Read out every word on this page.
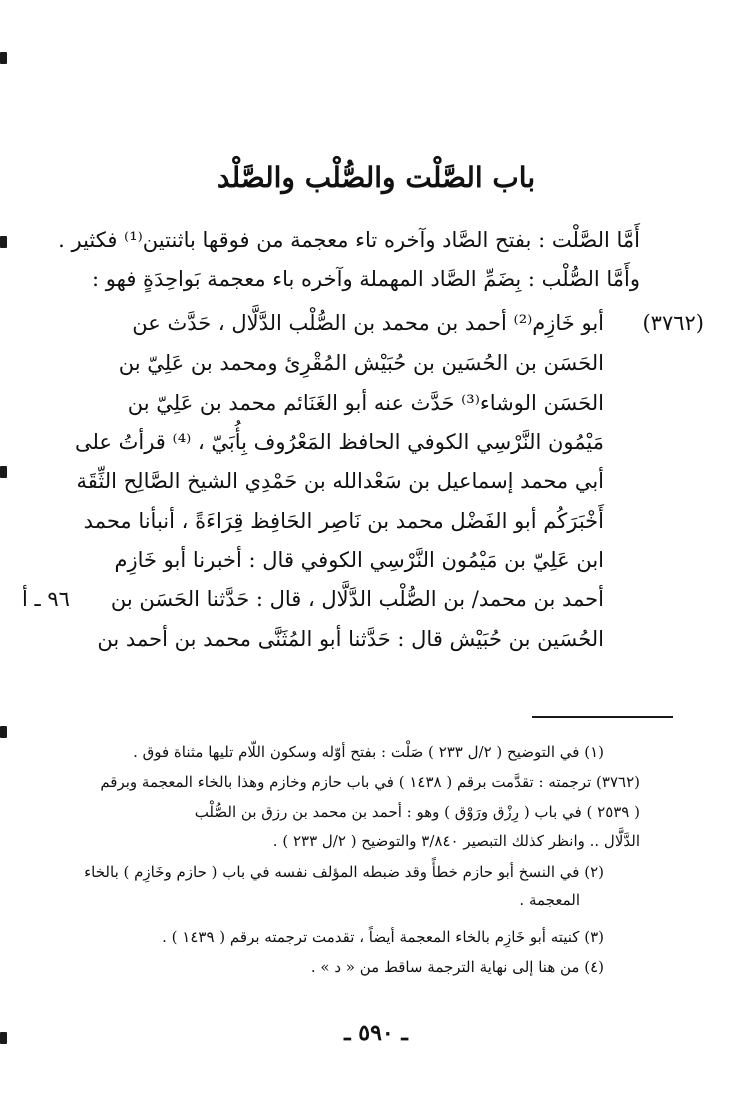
باب الصَّلْت والصُّلْب والصَّلْد
أَمَّا الصَّلْت : بفتح الصَّاد وآخره تاء معجمة من فوقها باثنتين⁽¹⁾ فكثير .
وأَمَّا الصُّلْب : بِضَمِّ الصَّاد المهملة وآخره باء معجمة بَواحِدَةٍ فهو :
(٣٧٦٢)
أبو خَازِم⁽²⁾ أحمد بن محمد بن الصُّلْب الدَّلَّال ، حَدَّث عن
الحَسَن بن الحُسَين بن حُبَيْش المُقْرِئ ومحمد بن عَلِيّ بن
الحَسَن الوشاء⁽³⁾ حَدَّث عنه أبو الغَنَائم محمد بن عَلِيّ بن
مَيْمُون النَّرْسِي الكوفي الحافظ المَعْرُوف بِأُبَيّ ، ⁽⁴⁾ قرأتُ على
أبي محمد إسماعيل بن سَعْدالله بن حَمْدِي الشيخ الصَّالِح الثِّقَة
أَخْبَرَكُم أبو الفَضْل محمد بن نَاصِر الحَافِظ قِرَاءَةً ، أنبأنا محمد
ابن عَلِيّ بن مَيْمُون النَّرْسِي الكوفي قال : أخبرنا أبو خَازِم
أحمد بن محمد/ بن الصُّلْب الدَّلَّال ، قال : حَدَّثنا الحَسَن بن
٩٦ ـ أ
الحُسَين بن حُبَيْش قال : حَدَّثنا أبو المُثَنَّى محمد بن أحمد بن
(١) في التوضيح ( ٢/ل ٢٣٣ ) صَلْت : بفتح أوّله وسكون اللّام تليها مثناة فوق .
(٣٧٦٢) ترجمته : تقدَّمت برقم ( ١٤٣٨ ) في باب حازم وخازم وهذا بالخاء المعجمة وبرقم
( ٢٥٣٩ ) في باب ( رِزْق ورَوْق ) وهو : أحمد بن محمد بن رزق بن الصُّلْب
الدَّلَّال .. وانظر كذلك التبصير ٣/٨٤٠ والتوضيح ( ٢/ل ٢٣٣ ) .
(٢) في النسخ أبو حازم خطأً وقد ضبطه المؤلف نفسه في باب ( حازم وخَازِم ) بالخاء
المعجمة .
(٣) كنيته أبو خَازِم بالخاء المعجمة أيضاً ، تقدمت ترجمته برقم ( ١٤٣٩ ) .
(٤) من هنا إلى نهاية الترجمة ساقط من « د » .
ـ ٥٩٠ ـ
